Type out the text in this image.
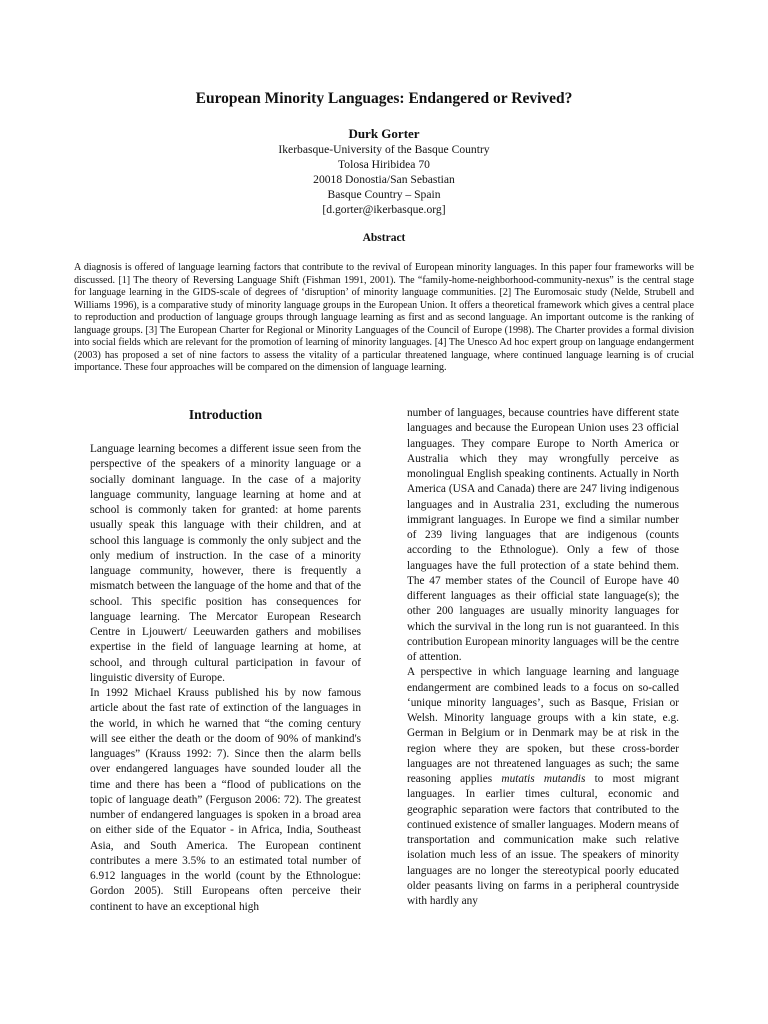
European Minority Languages: Endangered or Revived?
Durk Gorter
Ikerbasque-University of the Basque Country
Tolosa Hiribidea 70
20018 Donostia/San Sebastian
Basque Country – Spain
[d.gorter@ikerbasque.org]
Abstract
A diagnosis is offered of language learning factors that contribute to the revival of European minority languages. In this paper four frameworks will be discussed. [1] The theory of Reversing Language Shift (Fishman 1991, 2001). The “family-home-neighborhood-community-nexus” is the central stage for language learning in the GIDS-scale of degrees of ‘disruption’ of minority language communities. [2] The Euromosaic study (Nelde, Strubell and Williams 1996), is a comparative study of minority language groups in the European Union. It offers a theoretical framework which gives a central place to reproduction and production of language groups through language learning as first and as second language. An important outcome is the ranking of language groups. [3] The European Charter for Regional or Minority Languages of the Council of Europe (1998). The Charter provides a formal division into social fields which are relevant for the promotion of learning of minority languages. [4] The Unesco Ad hoc expert group on language endangerment (2003) has proposed a set of nine factors to assess the vitality of a particular threatened language, where continued language learning is of crucial importance. These four approaches will be compared on the dimension of language learning.
Introduction

Language learning becomes a different issue seen from the perspective of the speakers of a minority language or a socially dominant language. In the case of a majority language community, language learning at home and at school is commonly taken for granted: at home parents usually speak this language with their children, and at school this language is commonly the only subject and the only medium of instruction. In the case of a minority language community, however, there is frequently a mismatch between the language of the home and that of the school. This specific position has consequences for language learning. The Mercator European Research Centre in Ljouwert/ Leeuwarden gathers and mobilises expertise in the field of language learning at home, at school, and through cultural participation in favour of linguistic diversity of Europe.

In 1992 Michael Krauss published his by now famous article about the fast rate of extinction of the languages in the world, in which he warned that “the coming century will see either the death or the doom of 90% of mankind's languages” (Krauss 1992: 7). Since then the alarm bells over endangered languages have sounded louder all the time and there has been a “flood of publications on the topic of language death” (Ferguson 2006: 72). The greatest number of endangered languages is spoken in a broad area on either side of the Equator - in Africa, India, Southeast Asia, and South America. The European continent contributes a mere 3.5% to an estimated total number of 6.912 languages in the world (count by the Ethnologue: Gordon 2005). Still Europeans often perceive their continent to have an exceptional high

number of languages, because countries have different state languages and because the European Union uses 23 official languages. They compare Europe to North America or Australia which they may wrongfully perceive as monolingual English speaking continents. Actually in North America (USA and Canada) there are 247 living indigenous languages and in Australia 231, excluding the numerous immigrant languages. In Europe we find a similar number of 239 living languages that are indigenous (counts according to the Ethnologue). Only a few of those languages have the full protection of a state behind them. The 47 member states of the Council of Europe have 40 different languages as their official state language(s); the other 200 languages are usually minority languages for which the survival in the long run is not guaranteed. In this contribution European minority languages will be the centre of attention.

A perspective in which language learning and language endangerment are combined leads to a focus on so-called ‘unique minority languages’, such as Basque, Frisian or Welsh. Minority language groups with a kin state, e.g. German in Belgium or in Denmark may be at risk in the region where they are spoken, but these cross-border languages are not threatened languages as such; the same reasoning applies mutatis mutandis to most migrant languages. In earlier times cultural, economic and geographic separation were factors that contributed to the continued existence of smaller languages. Modern means of transportation and communication make such relative isolation much less of an issue. The speakers of minority languages are no longer the stereotypical poorly educated older peasants living on farms in a peripheral countryside with hardly any
